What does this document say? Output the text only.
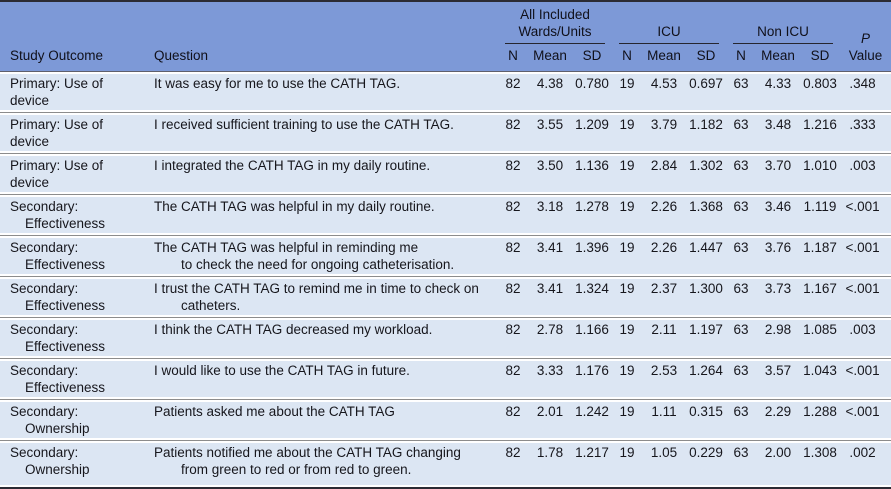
Study Outcome	Question	All Included
Wards/Units			ICU			Non ICU			P
Value

		N	Mean	SD	N	Mean	SD	N	Mean	SD	

Primary: Use of device	It was easy for me to use the CATH TAG.	82	4.38	0.780	19	4.53	0.697	63	4.33	0.803	.348

Primary: Use of device	I received sufficient training to use the CATH TAG.	82	3.55	1.209	19	3.79	1.182	63	3.48	1.216	.333

Primary: Use of device	I integrated the CATH TAG in my daily routine.	82	3.50	1.136	19	2.84	1.302	63	3.70	1.010	.003

Secondary:
Effectiveness	The CATH TAG was helpful in my daily routine.	82	3.18	1.278	19	2.26	1.368	63	3.46	1.119	<.001

Secondary:
Effectiveness	The CATH TAG was helpful in reminding me
to check the need for ongoing catheterisation.	82	3.41	1.396	19	2.26	1.447	63	3.76	1.187	<.001

Secondary:
Effectiveness	I trust the CATH TAG to remind me in time to check on
catheters.	82	3.41	1.324	19	2.37	1.300	63	3.73	1.167	<.001

Secondary:
Effectiveness	I think the CATH TAG decreased my workload.	82	2.78	1.166	19	2.11	1.197	63	2.98	1.085	.003

Secondary:
Effectiveness	I would like to use the CATH TAG in future.	82	3.33	1.176	19	2.53	1.264	63	3.57	1.043	<.001

Secondary:
Ownership	Patients asked me about the CATH TAG	82	2.01	1.242	19	1.11	0.315	63	2.29	1.288	<.001

Secondary:
Ownership	Patients notified me about the CATH TAG changing
from green to red or from red to green.	82	1.78	1.217	19	1.05	0.229	63	2.00	1.308	.002
